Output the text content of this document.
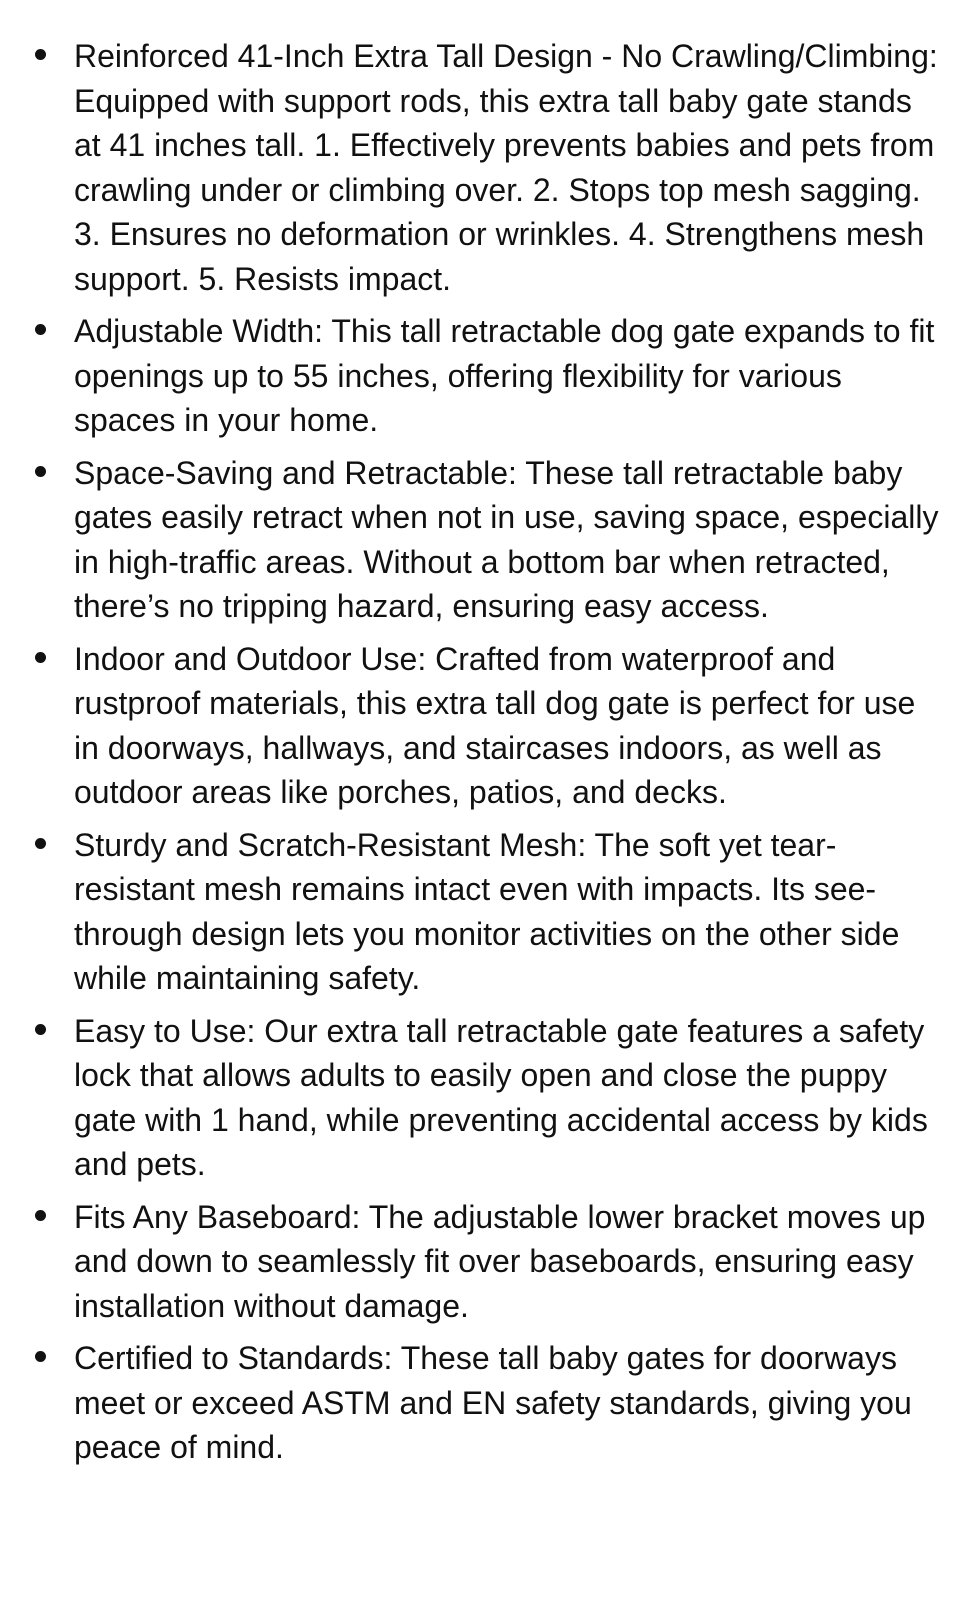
Reinforced 41-Inch Extra Tall Design - No Crawling/Climbing: Equipped with support rods, this extra tall baby gate stands at 41 inches tall. 1. Effectively prevents babies and pets from crawling under or climbing over. 2. Stops top mesh sagging. 3. Ensures no deformation or wrinkles. 4. Strengthens mesh support. 5. Resists impact.
Adjustable Width: This tall retractable dog gate expands to fit openings up to 55 inches, offering flexibility for various spaces in your home.
Space-Saving and Retractable: These tall retractable baby gates easily retract when not in use, saving space, especially in high-traffic areas. Without a bottom bar when retracted, there’s no tripping hazard, ensuring easy access.
Indoor and Outdoor Use: Crafted from waterproof and rustproof materials, this extra tall dog gate is perfect for use in doorways, hallways, and staircases indoors, as well as outdoor areas like porches, patios, and decks.
Sturdy and Scratch-Resistant Mesh: The soft yet tear-resistant mesh remains intact even with impacts. Its see-through design lets you monitor activities on the other side while maintaining safety.
Easy to Use: Our extra tall retractable gate features a safety lock that allows adults to easily open and close the puppy gate with 1 hand, while preventing accidental access by kids and pets.
Fits Any Baseboard: The adjustable lower bracket moves up and down to seamlessly fit over baseboards, ensuring easy installation without damage.
Certified to Standards: These tall baby gates for doorways meet or exceed ASTM and EN safety standards, giving you peace of mind.
